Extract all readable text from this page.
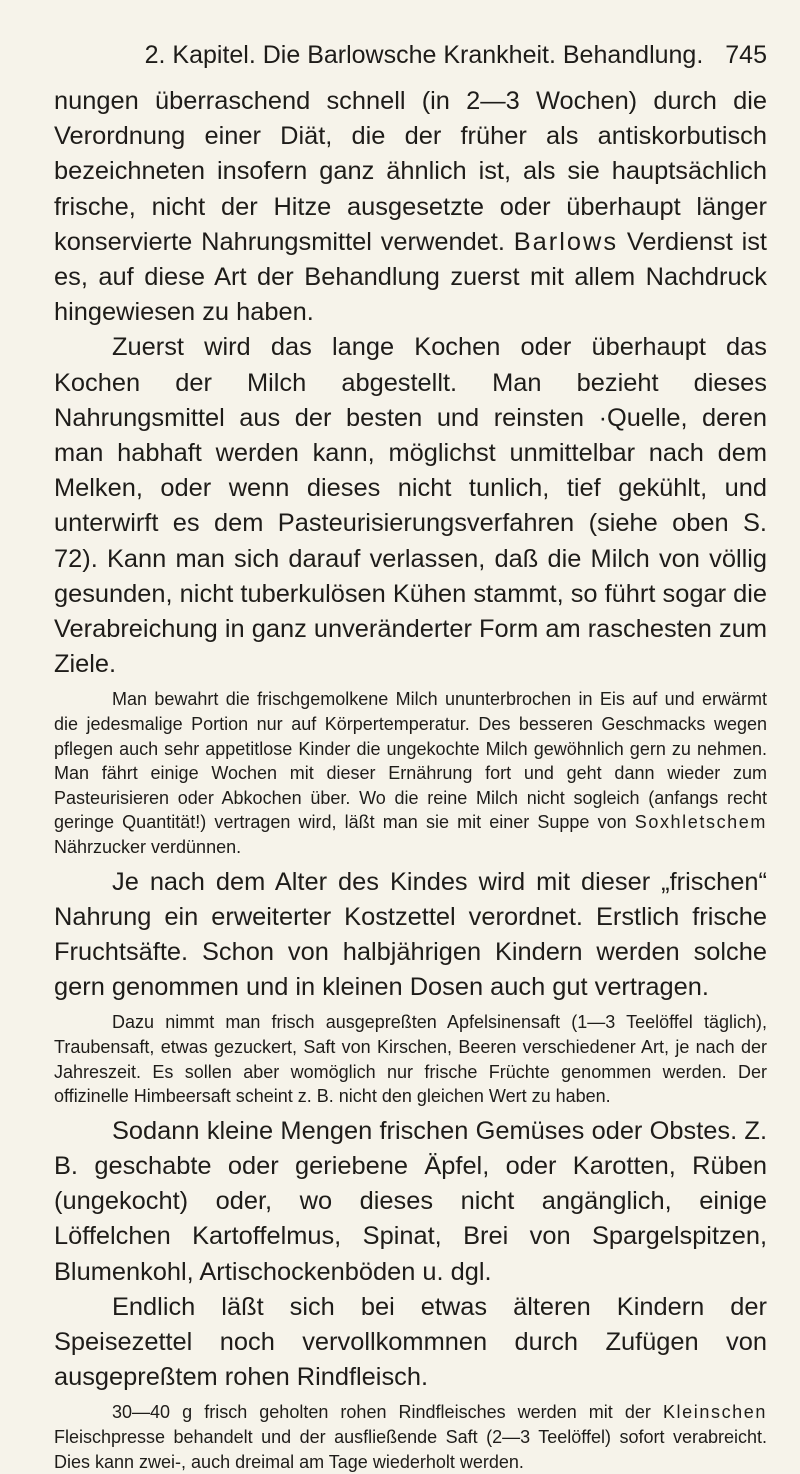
2. Kapitel. Die Barlowsche Krankheit. Behandlung. 745

nungen überraschend schnell (in 2—3 Wochen) durch die Verordnung einer Diät, die der früher als antiskorbutisch bezeichneten insofern ganz ähnlich ist, als sie hauptsächlich frische, nicht der Hitze ausgesetzte oder überhaupt länger konservierte Nahrungsmittel verwendet. Barlows Verdienst ist es, auf diese Art der Behandlung zuerst mit allem Nachdruck hingewiesen zu haben.

Zuerst wird das lange Kochen oder überhaupt das Kochen der Milch abgestellt. Man bezieht dieses Nahrungsmittel aus der besten und reinsten ·Quelle, deren man habhaft werden kann, möglichst unmittelbar nach dem Melken, oder wenn dieses nicht tunlich, tief gekühlt, und unterwirft es dem Pasteurisierungsverfahren (siehe oben S. 72). Kann man sich darauf verlassen, daß die Milch von völlig gesunden, nicht tuberkulösen Kühen stammt, so führt sogar die Verabreichung in ganz unveränderter Form am raschesten zum Ziele.

Man bewahrt die frischgemolkene Milch ununterbrochen in Eis auf und erwärmt die jedesmalige Portion nur auf Körpertemperatur. Des besseren Geschmacks wegen pflegen auch sehr appetitlose Kinder die ungekochte Milch gewöhnlich gern zu nehmen. Man fährt einige Wochen mit dieser Ernährung fort und geht dann wieder zum Pasteurisieren oder Abkochen über. Wo die reine Milch nicht sogleich (anfangs recht geringe Quantität!) vertragen wird, läßt man sie mit einer Suppe von Soxhletschem Nährzucker verdünnen.

Je nach dem Alter des Kindes wird mit dieser „frischen“ Nahrung ein erweiterter Kostzettel verordnet. Erstlich frische Fruchtsäfte. Schon von halbjährigen Kindern werden solche gern genommen und in kleinen Dosen auch gut vertragen.

Dazu nimmt man frisch ausgepreßten Apfelsinensaft (1—3 Teelöffel täglich), Traubensaft, etwas gezuckert, Saft von Kirschen, Beeren verschiedener Art, je nach der Jahreszeit. Es sollen aber womöglich nur frische Früchte genommen werden. Der offizinelle Himbeersaft scheint z. B. nicht den gleichen Wert zu haben.

Sodann kleine Mengen frischen Gemüses oder Obstes. Z. B. geschabte oder geriebene Äpfel, oder Karotten, Rüben (ungekocht) oder, wo dieses nicht angänglich, einige Löffelchen Kartoffelmus, Spinat, Brei von Spargelspitzen, Blumenkohl, Artischockenböden u. dgl.

Endlich läßt sich bei etwas älteren Kindern der Speisezettel noch vervollkommnen durch Zufügen von ausgepreßtem rohen Rindfleisch.

30—40 g frisch geholten rohen Rindfleisches werden mit der Kleinschen Fleischpresse behandelt und der ausfließende Saft (2—3 Teelöffel) sofort verabreicht. Dies kann zwei-, auch dreimal am Tage wiederholt werden.
